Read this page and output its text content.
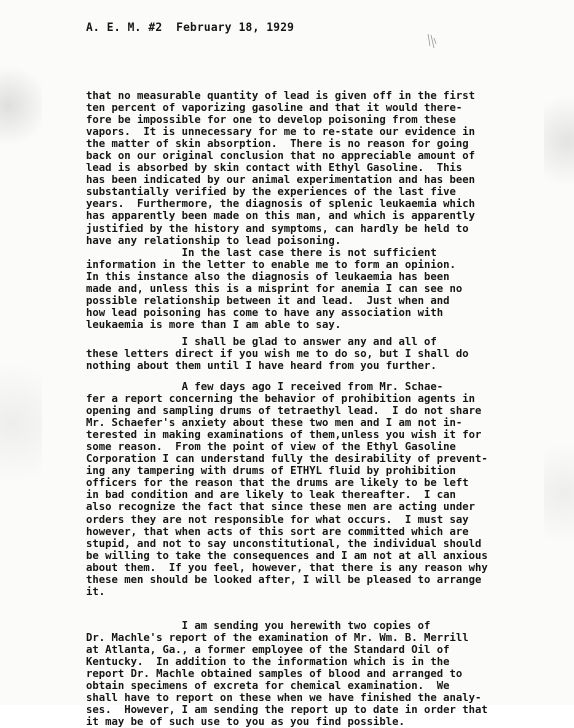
A. E. M. #2  February 18, 1929
that no measurable quantity of lead is given off in the first
ten percent of vaporizing gasoline and that it would there-
fore be impossible for one to develop poisoning from these
vapors.  It is unnecessary for me to re-state our evidence in
the matter of skin absorption.  There is no reason for going
back on our original conclusion that no appreciable amount of
lead is absorbed by skin contact with Ethyl Gasoline.  This
has been indicated by our animal experimentation and has been
substantially verified by the experiences of the last five
years.  Furthermore, the diagnosis of splenic leukaemia which
has apparently been made on this man, and which is apparently
justified by the history and symptoms, can hardly be held to
have any relationship to lead poisoning.
In the last case there is not sufficient
information in the letter to enable me to form an opinion.
In this instance also the diagnosis of leukaemia has been
made and, unless this is a misprint for anemia I can see no
possible relationship between it and lead.  Just when and
how lead poisoning has come to have any association with
leukaemia is more than I am able to say.
I shall be glad to answer any and all of
these letters direct if you wish me to do so, but I shall do
nothing about them until I have heard from you further.
A few days ago I received from Mr. Schae-
fer a report concerning the behavior of prohibition agents in
opening and sampling drums of tetraethyl lead.  I do not share
Mr. Schaefer's anxiety about these two men and I am not in-
terested in making examinations of them,unless you wish it for
some reason.  From the point of view of the Ethyl Gasoline
Corporation I can understand fully the desirability of prevent-
ing any tampering with drums of ETHYL fluid by prohibition
officers for the reason that the drums are likely to be left
in bad condition and are likely to leak thereafter.  I can
also recognize the fact that since these men are acting under
orders they are not responsible for what occurs.  I must say
however, that when acts of this sort are committed which are
stupid, and not to say unconstitutional, the individual should
be willing to take the consequences and I am not at all anxious
about them.  If you feel, however, that there is any reason why
these men should be looked after, I will be pleased to arrange
it.
I am sending you herewith two copies of
Dr. Machle's report of the examination of Mr. Wm. B. Merrill
at Atlanta, Ga., a former employee of the Standard Oil of
Kentucky.  In addition to the information which is in the
report Dr. Machle obtained samples of blood and arranged to
obtain specimens of excreta for chemical examination.  We
shall have to report on these when we have finished the analy-
ses.  However, I am sending the report up to date in order that
it may be of such use to you as you find possible.
